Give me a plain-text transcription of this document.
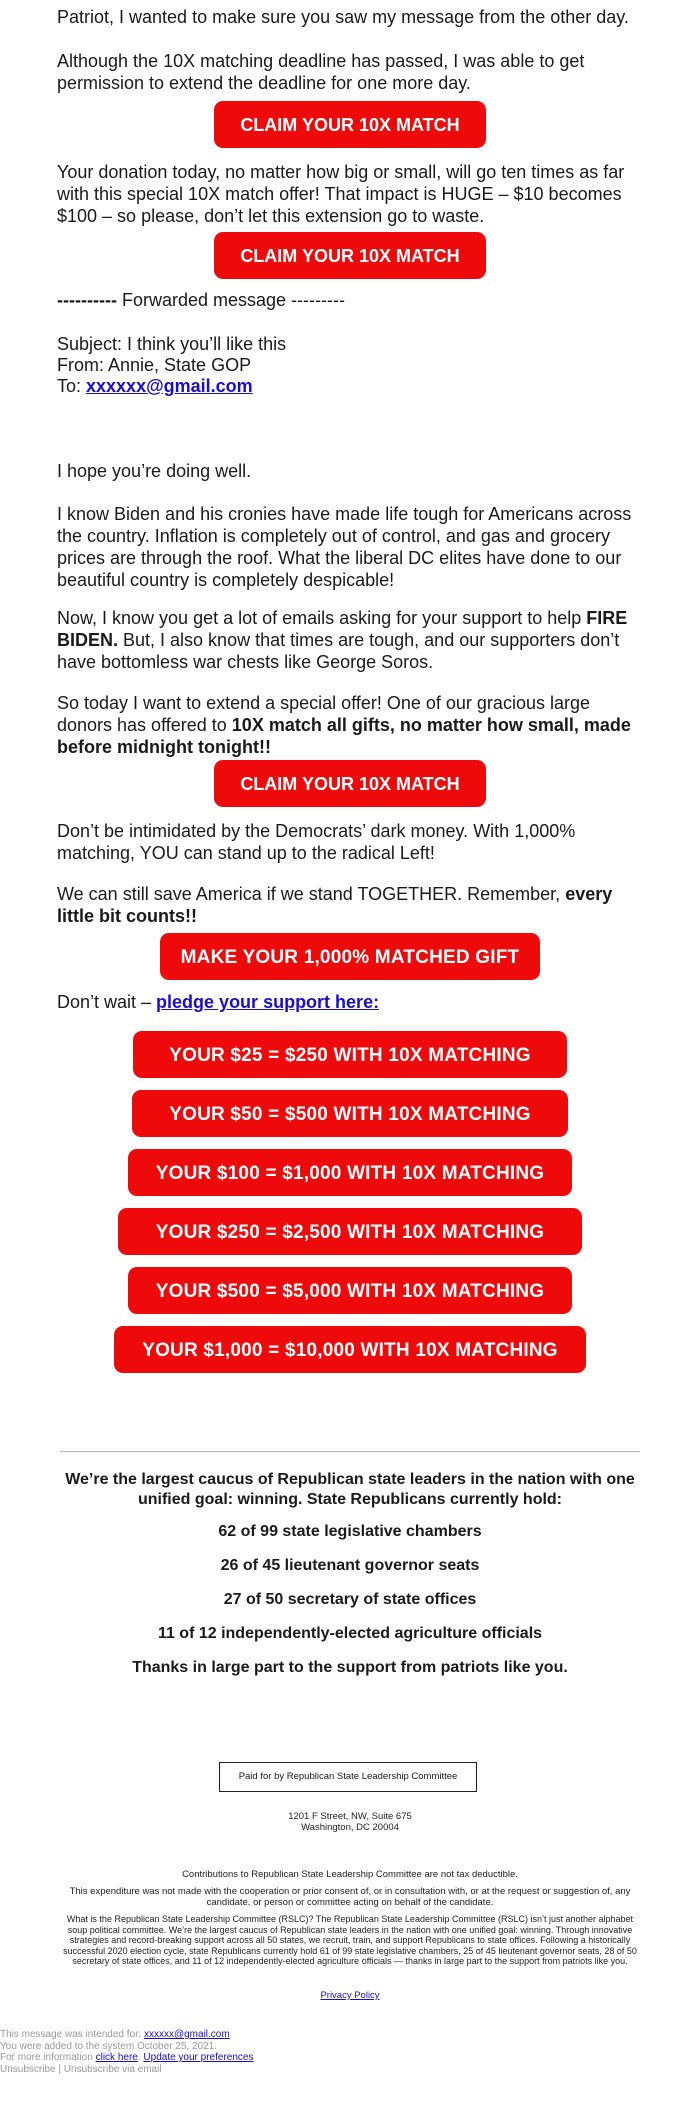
Patriot, I wanted to make sure you saw my message from the other day.

Although the 10X matching deadline has passed, I was able to get permission to extend the deadline for one more day.

CLAIM YOUR 10X MATCH

Your donation today, no matter how big or small, will go ten times as far with this special 10X match offer! That impact is HUGE – $10 becomes $100 – so please, don’t let this extension go to waste.

CLAIM YOUR 10X MATCH

---------- Forwarded message ---------

Subject: I think you’ll like this

From: Annie, State GOP

To: xxxxxx@gmail.com

I hope you’re doing well.

I know Biden and his cronies have made life tough for Americans across the country. Inflation is completely out of control, and gas and grocery prices are through the roof. What the liberal DC elites have done to our beautiful country is completely despicable!

Now, I know you get a lot of emails asking for your support to help FIRE BIDEN. But, I also know that times are tough, and our supporters don’t have bottomless war chests like George Soros.

So today I want to extend a special offer! One of our gracious large donors has offered to 10X match all gifts, no matter how small, made before midnight tonight!!

CLAIM YOUR 10X MATCH

Don’t be intimidated by the Democrats’ dark money. With 1,000% matching, YOU can stand up to the radical Left!

We can still save America if we stand TOGETHER. Remember, every little bit counts!!

MAKE YOUR 1,000% MATCHED GIFT

Don’t wait – pledge your support here:

YOUR $25 = $250 WITH 10X MATCHING
YOUR $50 = $500 WITH 10X MATCHING
YOUR $100 = $1,000 WITH 10X MATCHING
YOUR $250 = $2,500 WITH 10X MATCHING
YOUR $500 = $5,000 WITH 10X MATCHING
YOUR $1,000 = $10,000 WITH 10X MATCHING

We’re the largest caucus of Republican state leaders in the nation with one unified goal: winning. State Republicans currently hold:

62 of 99 state legislative chambers

26 of 45 lieutenant governor seats

27 of 50 secretary of state offices

11 of 12 independently-elected agriculture officials

Thanks in large part to the support from patriots like you.

Paid for by Republican State Leadership Committee
1201 F Street, NW, Suite 675
Washington, DC 20004
Contributions to Republican State Leadership Committee are not tax deductible.
This expenditure was not made with the cooperation or prior consent of, or in consultation with, or at the request or suggestion of, any candidate, or person or committee acting on behalf of the candidate.
What is the Republican State Leadership Committee (RSLC)? The Republican State Leadership Committee (RSLC) isn’t just another alphabet soup political committee. We’re the largest caucus of Republican state leaders in the nation with one unified goal: winning. Through innovative strategies and record-breaking support across all 50 states, we recruit, train, and support Republicans to state offices. Following a historically successful 2020 election cycle, state Republicans currently hold 61 of 99 state legislative chambers, 25 of 45 lieutenant governor seats, 28 of 50 secretary of state offices, and 11 of 12 independently-elected agriculture officials — thanks in large part to the support from patriots like you.
Privacy Policy
This message was intended for: xxxxxx@gmail.com
You were added to the system October 25, 2021.
For more information click here. Update your preferences
Unsubscribe | Unsubscribe via email
